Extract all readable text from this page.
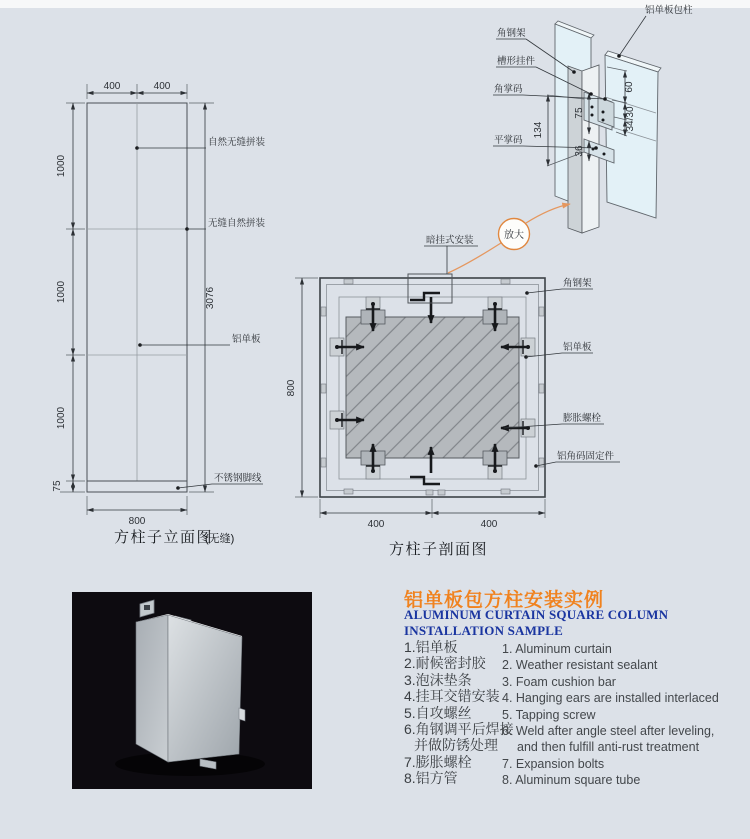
400	400
1000
1000
1000
75
3076
800
自然无缝拼装
无缝自然拼装
铝单板
不锈钢脚线
方柱子立面图
(无缝)
暗挂式安装
角钢架
铝单板
膨胀螺栓
铝角码固定件
800
400	400
方柱子剖面图
134
75
36
60
34/30
铝单板包柱
角钢架
槽形挂件
角掌码
平掌码
放大
铝单板包方柱安装实例
ALUMINUM CURTAIN SQUARE COLUMN INSTALLATION SAMPLE
1.铝单板
2.耐候密封胶
3.泡沫垫条
4.挂耳交错安装
5.自攻螺丝
6.角钢调平后焊接
并做防锈处理
7.膨胀螺栓
8.铝方管
1. Aluminum curtain
2. Weather resistant sealant
3. Foam cushion bar
4. Hanging ears are installed interlaced
5. Tapping screw
6. Weld after angle steel after leveling,
and then fulfill anti-rust treatment
7. Expansion bolts
8. Aluminum square tube
